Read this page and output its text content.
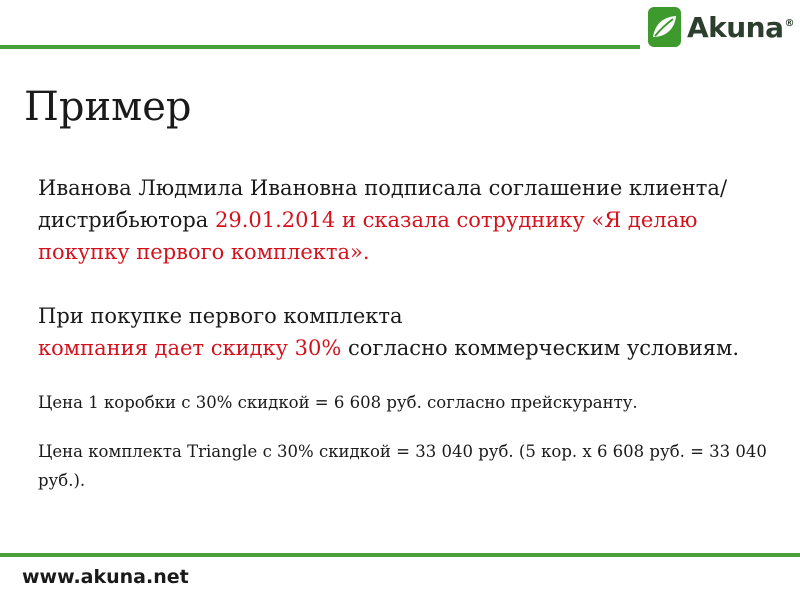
Akuna®
Пример

Иванова Людмила Ивановна подписала соглашение клиента/дистрибьютора 29.01.2014 и сказала сотруднику «Я делаю покупку первого комплекта».

При покупке первого комплекта
компания дает скидку 30% согласно коммерческим условиям.

Цена 1 коробки с 30% скидкой = 6 608 руб. согласно прейскуранту.

Цена комплекта Triangle с 30% скидкой = 33 040 руб. (5 кор. х 6 608 руб. = 33 040 руб.).

www.akuna.net
